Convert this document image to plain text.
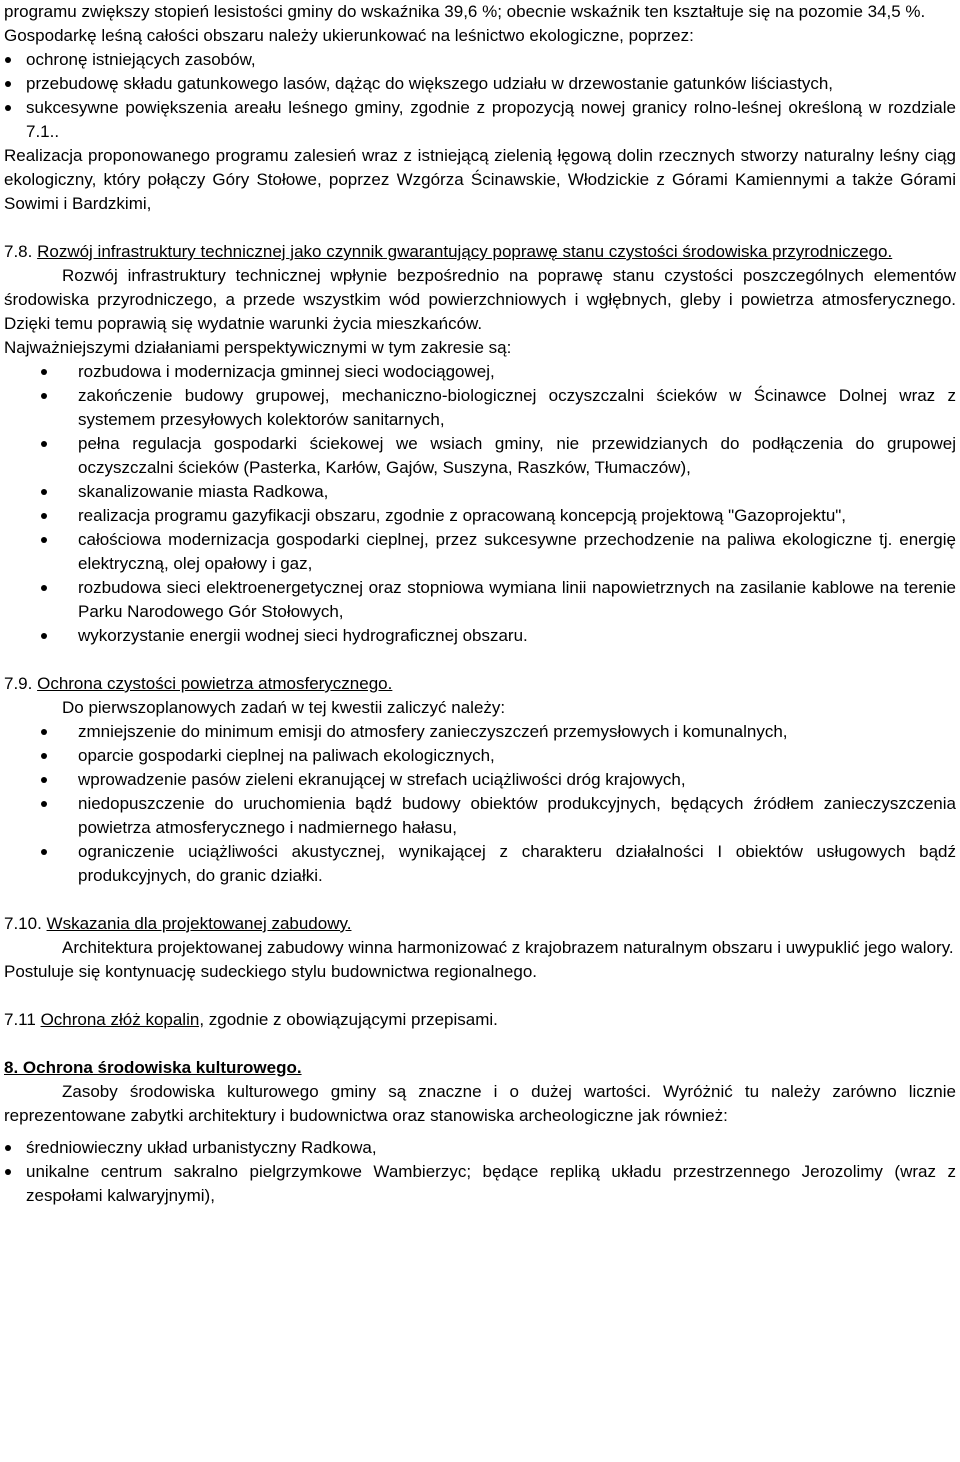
programu zwiększy stopień lesistości gminy do wskaźnika 39,6 %; obecnie wskaźnik ten kształtuje się na pozomie 34,5 %.

Gospodarkę leśną całości obszaru należy ukierunkować na leśnictwo ekologiczne, poprzez:

ochronę istniejących zasobów,
przebudowę składu gatunkowego lasów, dążąc do większego udziału w drzewostanie gatunków liściastych,
sukcesywne powiększenia areału leśnego gminy, zgodnie z propozycją nowej granicy rolno-leśnej określoną w rozdziale 7.1..

Realizacja proponowanego programu zalesień wraz z istniejącą zielenią łęgową dolin rzecznych stworzy naturalny leśny ciąg ekologiczny, który połączy Góry Stołowe, poprzez Wzgórza Ścinawskie, Włodzickie z Górami Kamiennymi a także Górami Sowimi i Bardzkimi,

7.8. Rozwój infrastruktury technicznej jako czynnik gwarantujący poprawę stanu czystości środowiska przyrodniczego.

Rozwój infrastruktury technicznej wpłynie bezpośrednio na poprawę stanu czystości poszczególnych elementów środowiska przyrodniczego, a przede wszystkim wód powierzchniowych i wgłębnych, gleby i powietrza atmosferycznego. Dzięki temu poprawią się wydatnie warunki życia mieszkańców.

Najważniejszymi działaniami perspektywicznymi w tym zakresie są:

rozbudowa i modernizacja gminnej sieci wodociągowej,
zakończenie budowy grupowej, mechaniczno-biologicznej oczyszczalni ścieków w Ścinawce Dolnej wraz z systemem przesyłowych kolektorów sanitarnych,
pełna regulacja gospodarki ściekowej we wsiach gminy, nie przewidzianych do podłączenia do grupowej oczyszczalni ścieków (Pasterka, Karłów, Gajów, Suszyna, Raszków, Tłumaczów),
skanalizowanie miasta Radkowa,
realizacja programu gazyfikacji obszaru, zgodnie z opracowaną koncepcją projektową "Gazoprojektu",
całościowa modernizacja gospodarki cieplnej, przez sukcesywne przechodzenie na paliwa ekologiczne tj. energię elektryczną, olej opałowy i gaz,
rozbudowa sieci elektroenergetycznej oraz stopniowa wymiana linii napowietrznych na zasilanie kablowe na terenie Parku Narodowego Gór Stołowych,
wykorzystanie energii wodnej sieci hydrograficznej obszaru.

7.9. Ochrona czystości powietrza atmosferycznego.

Do pierwszoplanowych zadań w tej kwestii zaliczyć należy:

zmniejszenie do minimum emisji do atmosfery zanieczyszczeń przemysłowych i komunalnych,
oparcie gospodarki cieplnej na paliwach ekologicznych,
wprowadzenie pasów zieleni ekranującej w strefach uciążliwości dróg krajowych,
niedopuszczenie do uruchomienia bądź budowy obiektów produkcyjnych, będących źródłem zanieczyszczenia powietrza atmosferycznego i nadmiernego hałasu,
ograniczenie uciążliwości akustycznej, wynikającej z charakteru działalności I obiektów usługowych bądź produkcyjnych, do granic działki.

7.10. Wskazania dla projektowanej zabudowy.

Architektura projektowanej zabudowy winna harmonizować z krajobrazem naturalnym obszaru i uwypuklić jego walory.

Postuluje się kontynuację sudeckiego stylu budownictwa regionalnego.

7.11 Ochrona złóż kopalin, zgodnie z obowiązującymi przepisami.

8. Ochrona środowiska kulturowego.

Zasoby środowiska kulturowego gminy są znaczne i o dużej wartości. Wyróżnić tu należy zarówno licznie reprezentowane zabytki architektury i budownictwa oraz stanowiska archeologiczne jak również:

średniowieczny układ urbanistyczny Radkowa,
unikalne centrum sakralno pielgrzymkowe Wambierzyc; będące repliką układu przestrzennego Jerozolimy (wraz z zespołami kalwaryjnymi),
